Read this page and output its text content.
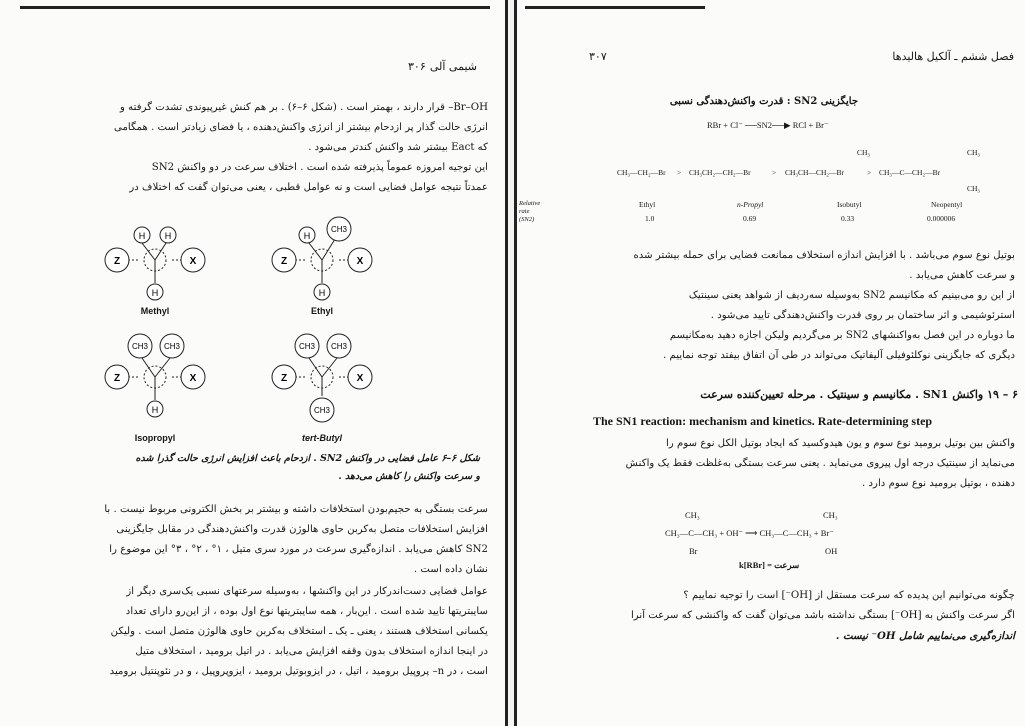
شیمی آلی
۳۰۶

Br–OH– قرار دارند ، بهمتر است . (شکل ۶–۶) . بر هم کنش غیرپیوندی تشدت گرفته و

انرژی حالت گذار پر ازدحام بیشتر از انرژی واکنش‌دهنده ، یا فضای زیادتر است . همگامی

که Eact بیشتر شد واکنش کندتر می‌شود .

این توجیه امروزه عموماً پذیرفته شده است . اختلاف سرعت در دو واکنش SN2

عمدتاً نتیجه عوامل فضایی است و نه عوامل قطبی ، یعنی می‌توان گفت که اختلاف در

H H
H
Z	X
H
CH3
H
Z	X
CH3 CH3
H
Z	X
CH3 CH3
CH3
Z	X
Methyl	Ethyl
Isopropyl	tert-Butyl
شکل ۶–۶ عامل فضایی در واکنش SN2 . ازدحام باعث افزایش انرژی حالت گذرا شده
و سرعت واکنش را کاهش می‌دهد .

سرعت بستگی به حجیم‌بودن استخلافات داشته و بیشتر بر بخش الکترونی مربوط نیست . با

افزایش استخلافات متصل به‌کربن حاوی هالوژن قدرت واکنش‌دهندگی در مقابل جایگزینی

SN2 کاهش می‌یابد . اندازه‌گیری سرعت در مورد سری متیل ، ۱° ، ۲° ، ۳° این موضوع را

نشان داده است .

عوامل فضایی دست‌اندرکار در این واکنشها ، به‌وسیله سرعتهای نسبی یک‌سری دیگر از

سایبتریتها تایید شده است . این‌بار ، همه سایبتریتها نوع اول بوده ، از این‌رو دارای تعداد

یکسانی استخلاف هستند ، یعنی ـ یک ـ استخلاف به‌کربن حاوی هالوژن متصل است . ولیکن

در اینجا اندازه استخلاف بدون وقفه افزایش می‌یابد . در اتیل برومید ، استخلاف متیل

است ، در n– پروپیل برومید ، اتیل ، در ایزوبوتیل برومید ، ایزوپروپیل ، و در نئوپنتیل برومید

۳۰۷	فصل ششم ـ آلکیل هالیدها
جایگزینی SN2 : قدرت واکنش‌دهندگی نسبی
RBr + Cl⁻ ──SN2──▶ RCl + Br⁻
CH₃	CH₃
CH₃—CH₂—Br > CH₃CH₂—CH₂—Br	> CH₃CH—CH₂—Br	> CH₃—C—CH₂—Br
CH₃
Relative
rate
(SN2)
Ethyl	n-Propyl	Isobutyl	Neopentyl
1.0	0.69	0.33	0.000006

بوتیل نوع سوم می‌باشد . با افزایش اندازه استخلاف ممانعت فضایی برای حمله بیشتر شده

و سرعت کاهش می‌یابد .

از این رو می‌بینیم که مکانیسم SN2 به‌وسیله سه‌ردیف از شواهد یعنی سینتیک

استرئوشیمی و اثر ساختمان بر روی قدرت واکنش‌دهندگی تایید می‌شود .

ما دوباره در این فصل به‌واکنشهای SN2 بر می‌گردیم ولیکن اجازه دهید به‌مکانیسم

دیگری که جایگزینی نوکلئوفیلی آلیفاتیک می‌تواند در طی آن اتفاق بیفتد توجه نماییم .

۶ – ۱۹ واکنش SN1 . مکانیسم و سینتیک . مرحله تعیین‌کننده سرعت
The SN1 reaction: mechanism and kinetics. Rate-determining step

واکنش بین بوتیل برومید نوع سوم و یون هیدوکسید که ایجاد بوتیل الکل نوع سوم را

می‌نماید از سینتیک درجه اول پیروی می‌نماید . یعنی سرعت بستگی به‌غلظت فقط یک واکنش

دهنده ، بوتیل برومید نوع سوم دارد .

CH₃	CH₃
CH₃—C—CH₃ + OH⁻ ⟶ CH₃—C—CH₃ + Br⁻
Br	OH
سرعت = k[RBr]

چگونه می‌توانیم این پدیده که سرعت مستقل از [OH⁻] است را توجیه نماییم ؟

اگر سرعت واکنش به [OH⁻] بستگی نداشته باشد می‌توان گفت که واکنشی که سرعت آنرا

اندازه‌گیری می‌نماییم شامل OH⁻ نیست .
